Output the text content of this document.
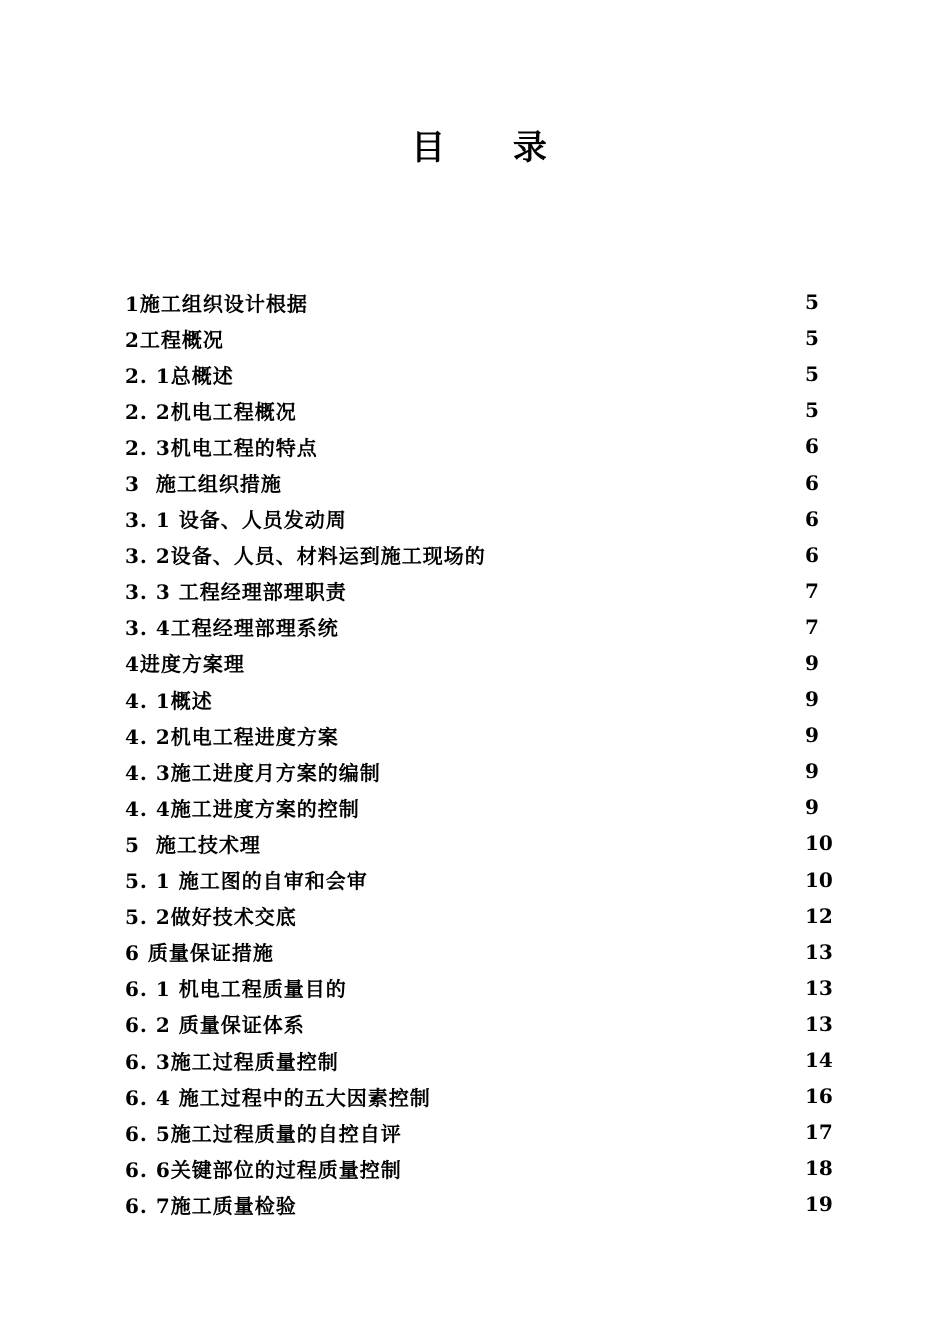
目 录
1施工组织设计根据	5
2工程概况	5
2. 1总概述	5
2. 2机电工程概况	5
2. 3机电工程的特点	6
3  施工组织措施	6
3. 1 设备、人员发动周	6
3. 2设备、人员、材料运到施工现场的	6
3. 3 工程经理部理职责	7
3. 4工程经理部理系统	7
4进度方案理	9
4. 1概述	9
4. 2机电工程进度方案	9
4. 3施工进度月方案的编制	9
4. 4施工进度方案的控制	9
5  施工技术理	10
5. 1 施工图的自审和会审	10
5. 2做好技术交底	12
6 质量保证措施	13
6. 1 机电工程质量目的	13
6. 2 质量保证体系	13
6. 3施工过程质量控制	14
6. 4 施工过程中的五大因素控制	16
6. 5施工过程质量的自控自评	17
6. 6关键部位的过程质量控制	18
6. 7施工质量检验	19
